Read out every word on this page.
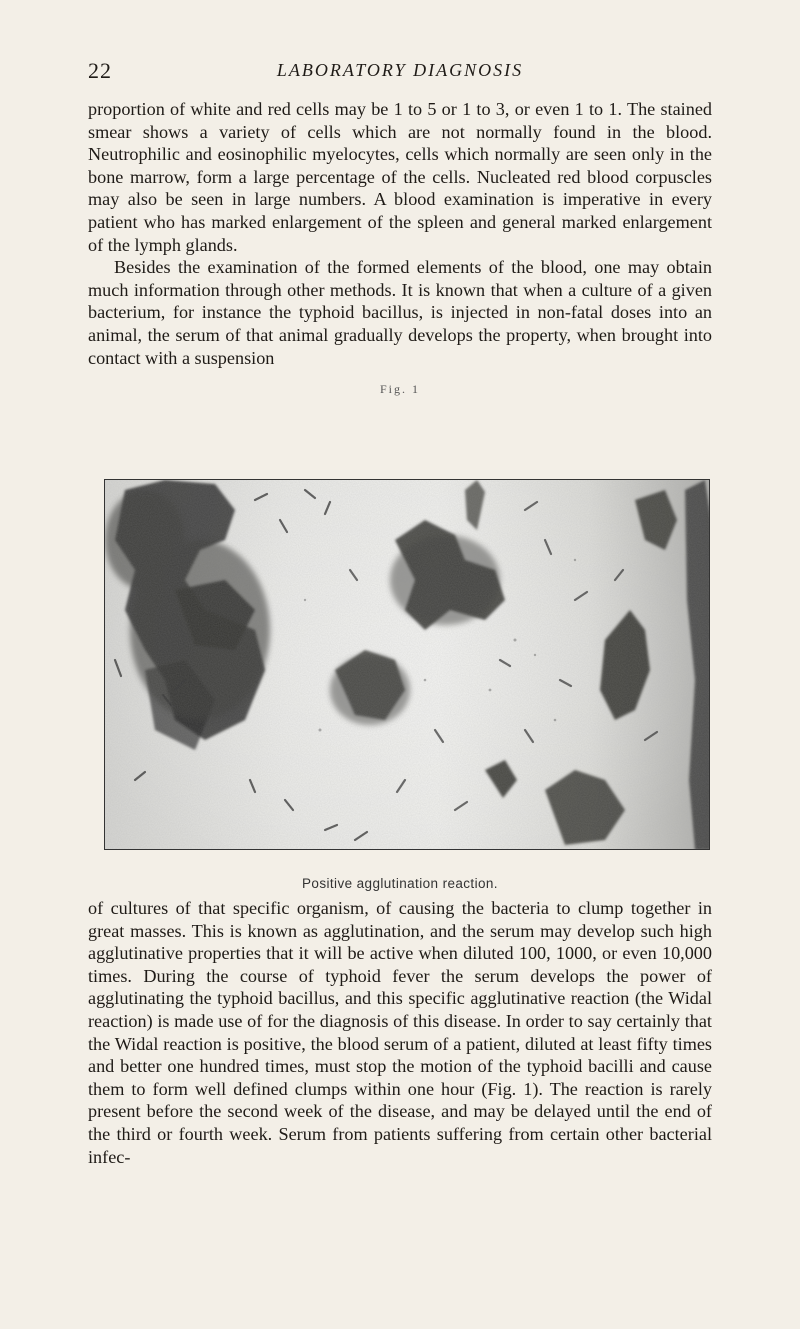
22	LABORATORY DIAGNOSIS

proportion of white and red cells may be 1 to 5 or 1 to 3, or even 1 to 1. The stained smear shows a variety of cells which are not normally found in the blood. Neutrophilic and eosinophilic myelocytes, cells which normally are seen only in the bone marrow, form a large percentage of the cells. Nucleated red blood corpuscles may also be seen in large numbers. A blood examination is imperative in every patient who has marked enlargement of the spleen and general marked enlargement of the lymph glands.

Besides the examination of the formed elements of the blood, one may obtain much information through other methods. It is known that when a culture of a given bacterium, for instance the typhoid bacillus, is injected in non-fatal doses into an animal, the serum of that animal gradually develops the property, when brought into contact with a suspension

Fig. 1
Positive agglutination reaction.

of cultures of that specific organism, of causing the bacteria to clump together in great masses. This is known as agglutination, and the serum may develop such high agglutinative properties that it will be active when diluted 100, 1000, or even 10,000 times. During the course of typhoid fever the serum develops the power of agglutinating the typhoid bacillus, and this specific agglutinative reaction (the Widal reaction) is made use of for the diagnosis of this disease. In order to say certainly that the Widal reaction is positive, the blood serum of a patient, diluted at least fifty times and better one hundred times, must stop the motion of the typhoid bacilli and cause them to form well defined clumps within one hour (Fig. 1). The reaction is rarely present before the second week of the disease, and may be delayed until the end of the third or fourth week. Serum from patients suffering from certain other bacterial infec-
